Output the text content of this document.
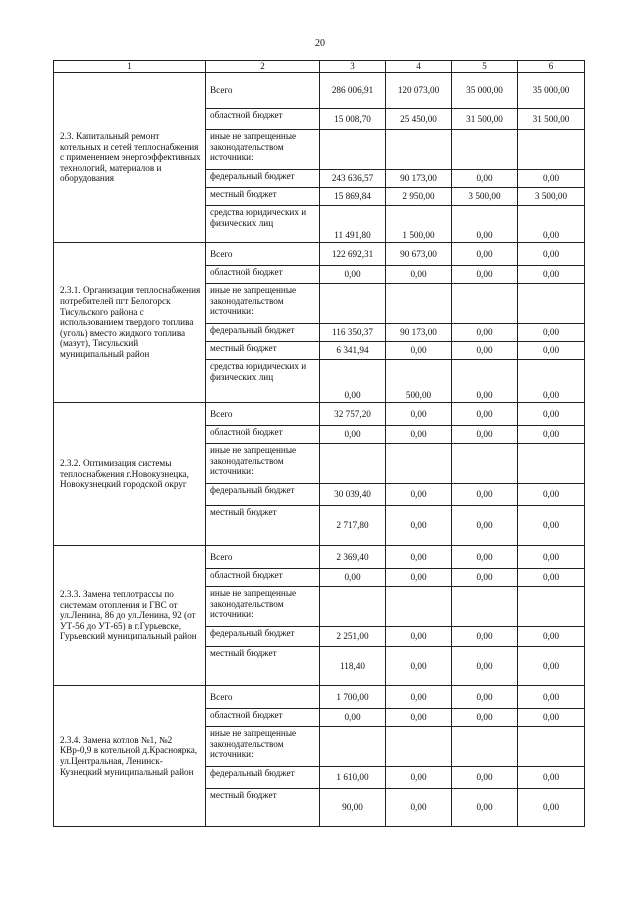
20
1	2	3	4	5	6
2.3. Капитальный ремонт котельных и сетей теплоснабжения с применением энергоэффективных технологий, материалов и оборудования	Всего	286 006,91	120 073,00	35 000,00	35 000,00
	областной бюджет	15 008,70	25 450,00	31 500,00	31 500,00
	иные не запрещенные законодательством источники:				
	федеральный бюджет	243 636,57	90 173,00	0,00	0,00
	местный бюджет	15 869,84	2 950,00	3 500,00	3 500,00
	средства юридических и физических лиц	11 491,80	1 500,00	0,00	0,00
2.3.1. Организация теплоснабжения потребителей пгт Белогорск Тисульского района с использованием твердого топлива (уголь) вместо жидкого топлива (мазут), Тисульский муниципальный район	Всего	122 692,31	90 673,00	0,00	0,00
	областной бюджет	0,00	0,00	0,00	0,00
	иные не запрещенные законодательством источники:				
	федеральный бюджет	116 350,37	90 173,00	0,00	0,00
	местный бюджет	6 341,94	0,00	0,00	0,00
	средства юридических и физических лиц	0,00	500,00	0,00	0,00
2.3.2. Оптимизация системы теплоснабжения г.Новокузнецка, Новокузнецкий городской округ	Всего	32 757,20	0,00	0,00	0,00
	областной бюджет	0,00	0,00	0,00	0,00
	иные не запрещенные законодательством источники:				
	федеральный бюджет	30 039,40	0,00	0,00	0,00
	местный бюджет	2 717,80	0,00	0,00	0,00
2.3.3. Замена теплотрассы по системам отопления и ГВС от ул.Ленина, 86 до ул.Ленина, 92 (от УТ-56 до УТ-65) в г.Гурьевске, Гурьевский муниципальный район	Всего	2 369,40	0,00	0,00	0,00
	областной бюджет	0,00	0,00	0,00	0,00
	иные не запрещенные законодательством источники:				
	федеральный бюджет	2 251,00	0,00	0,00	0,00
	местный бюджет	118,40	0,00	0,00	0,00
2.3.4. Замена котлов №1, №2 КВр-0,9 в котельной д.Красноярка, ул.Центральная, Ленинск-Кузнецкий муниципальный район	Всего	1 700,00	0,00	0,00	0,00
	областной бюджет	0,00	0,00	0,00	0,00
	иные не запрещенные законодательством источники:				
	федеральный бюджет	1 610,00	0,00	0,00	0,00
	местный бюджет	90,00	0,00	0,00	0,00
